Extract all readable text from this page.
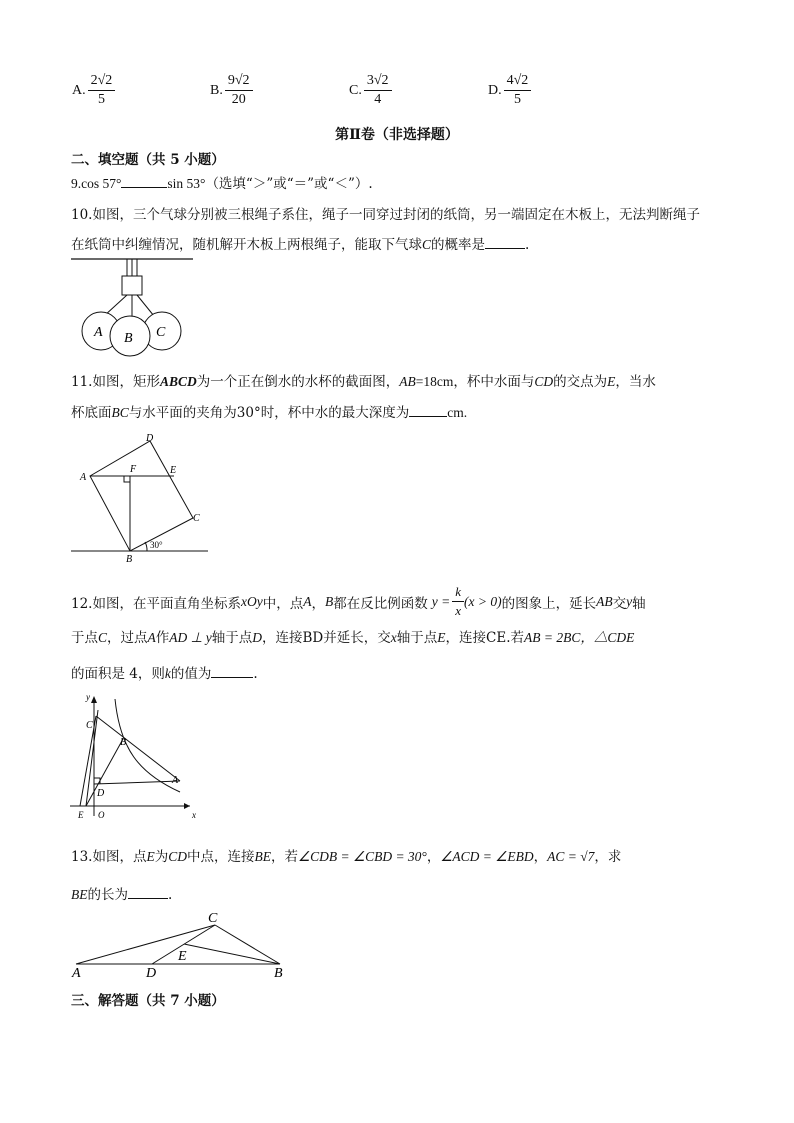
A. $\frac{2√2}{5}$	B. $\frac{9√2}{20}$	C. $\frac{3√2}{4}$	D. $\frac{4√2}{5}$
第Ⅱ卷（非选择题）
二、填空题（共 5 小题）
9.cos 57°	sin 53°（选填“＞”或“＝”或“＜”）.
10.如图，三个气球分别被三根绳子系住，绳子一同穿过封闭的纸筒，另一端固定在木板上，无法判断绳子
在纸筒中纠缠情况，随机解开木板上两根绳子，能取下气球C的概率是	.
A B C
11.如图，矩形ABCD为一个正在倒水的水杯的截面图，AB=18cm，杯中水面与CD的交点为E，当水
杯底面BC与水平面的夹角为30°时，杯中水的最大深度为	cm.
D
A
F	E
C
B
30°
12.如图，在平面直角坐标系 xOy 中，点 A ， B 都在反比例函数 $y = \frac{k}{x} (x > 0)$ 的图象上，延长 AB 交 y 轴
于点C，过点A作AD ⊥ y轴于点D，连接BD并延长，交x轴于点E，连接CE.若AB = 2BC，△CDE
的面积是 4，则k的值为	.
y
x
C
B
A
D
E O
13.如图，点E为CD中点，连接BE，若∠CDB = ∠CBD = 30°，∠ACD = ∠EBD，AC = √7，求
BE的长为	.
C
E
A	D	B
三、解答题（共 7 小题）
